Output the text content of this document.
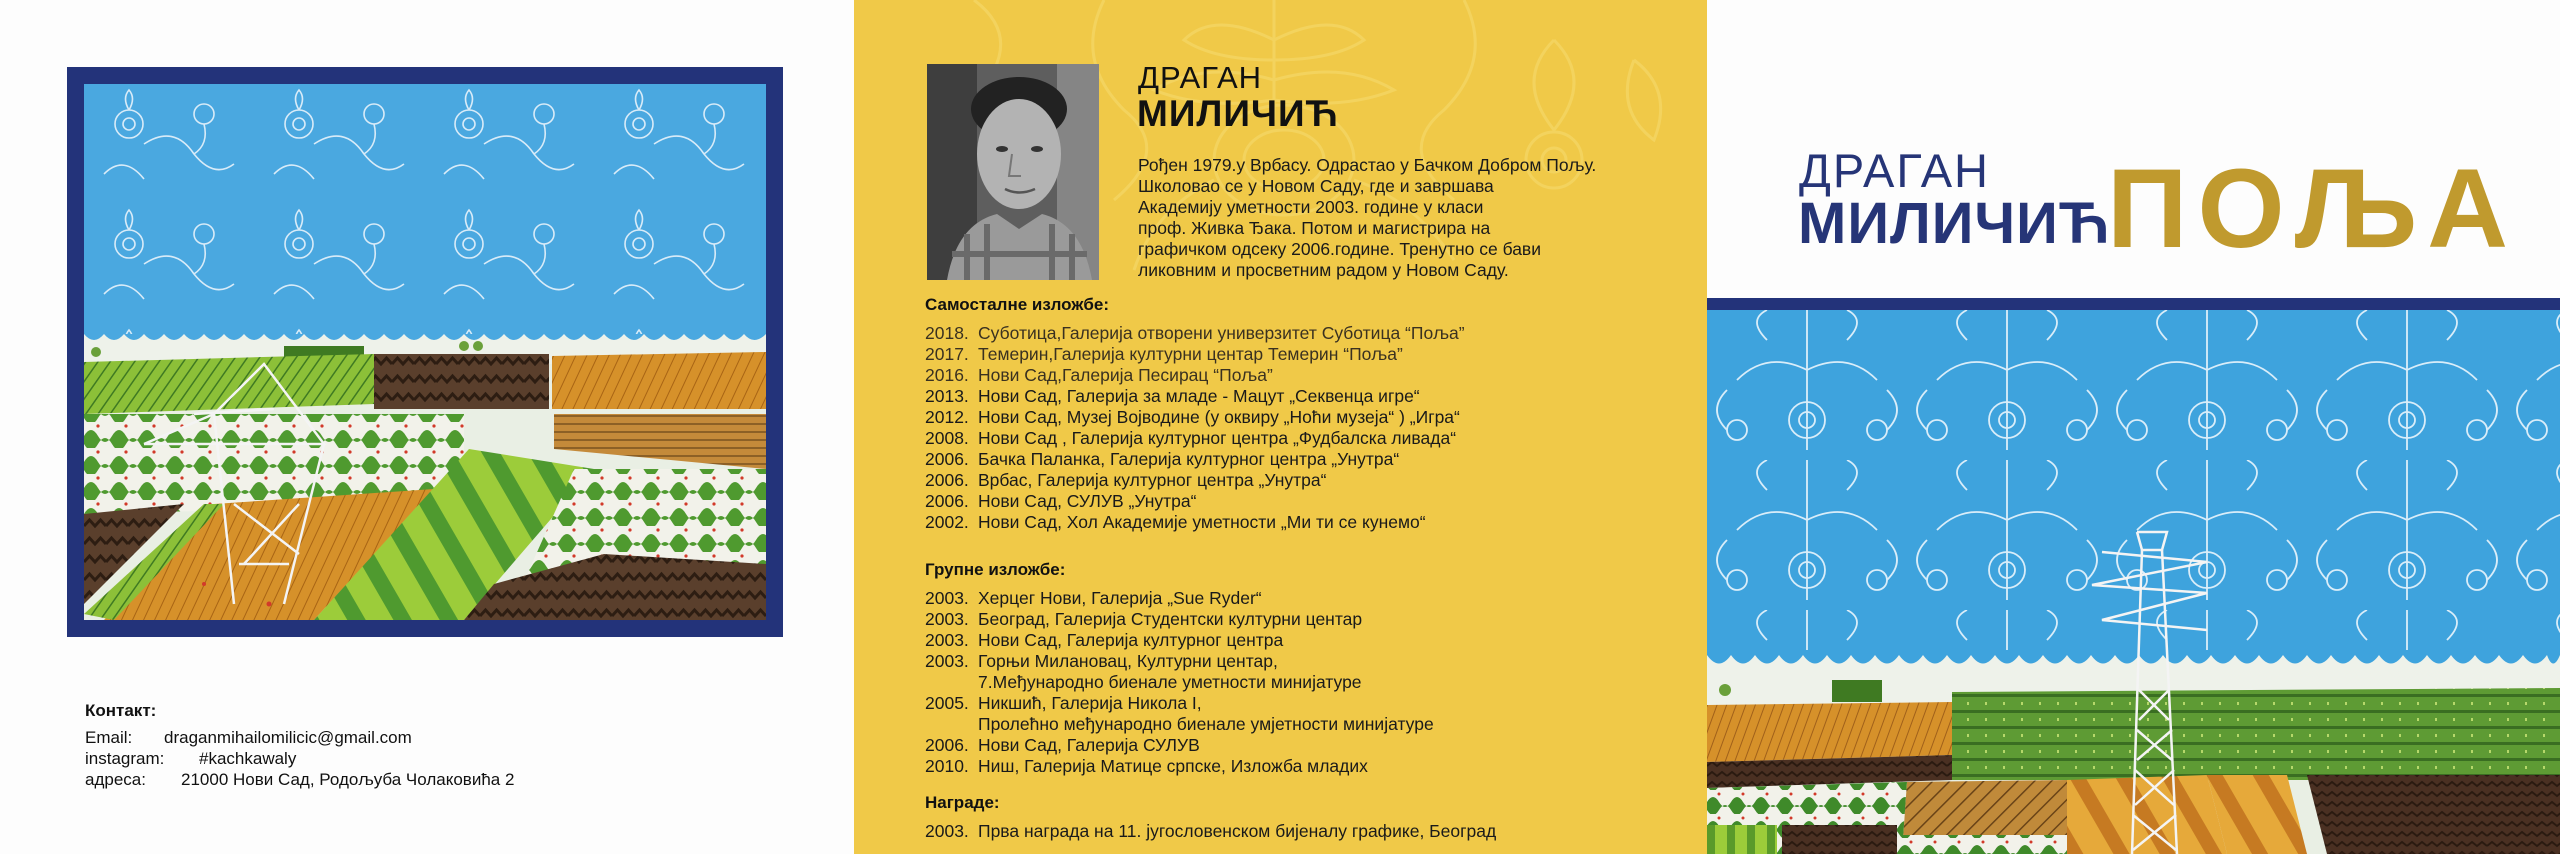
Контакт:
Email:	draganmihailomilicic@gmail.com
instagram:	#kachkawaly
адреса:	21000 Нови Сад, Родољуба Чолаковића 2
ДРАГАН
МИЛИЧИЋ

Рођен 1979.у Врбасу. Одрастао у Бачком Добром Пољу.

Школовао се у Новом Саду, где и завршава

Академију уметности 2003. године у класи

проф. Живка Ђака. Потом и магистрира на

графичком одсеку 2006.године. Тренутно се бави

ликовним и просветним радом у Новом Саду.

Самосталне изложбе:
2018. Суботица,Галерија отворени универзитет Суботица “Поља”
2017. Темерин,Галерија културни центар Темерин “Поља”
2016. Нови Сад,Галерија Песирац “Поља”
2013. Нови Сад, Галерија за младе - Мацут „Секвенца игре“
2012. Нови Сад, Музеј Војводине (у оквиру „Ноћи музеја“ ) „Игра“
2008. Нови Сад , Галерија културног центра „Фудбалска ливада“
2006. Бачка Паланка, Галерија културног центра „Унутра“
2006. Врбас, Галерија културног центра „Унутра“
2006. Нови Сад, СУЛУВ „Унутра“
2002. Нови Сад, Хол Академије уметности „Ми ти се кунемо“
Групне изложбе:
2003. Херцег Нови, Галерија „Sue Ryder“
2003. Београд, Галерија Студентски културни центар
2003. Нови Сад, Галерија културног центра
2003. Горњи Милановац, Културни центар,
7.Међународно биенале уметности минијатуре
2005. Никшић, Галерија Никола I,
Пролећно међународно биенале умјетности минијатуре
2006. Нови Сад, Галерија СУЛУВ
2010. Ниш, Галерија Матице српске, Изложба младих
Награде:
2003. Прва награда на 11. југословенском бијеналу графике, Београд
ДРАГАН
МИЛИЧИЋ
ПОЉА
